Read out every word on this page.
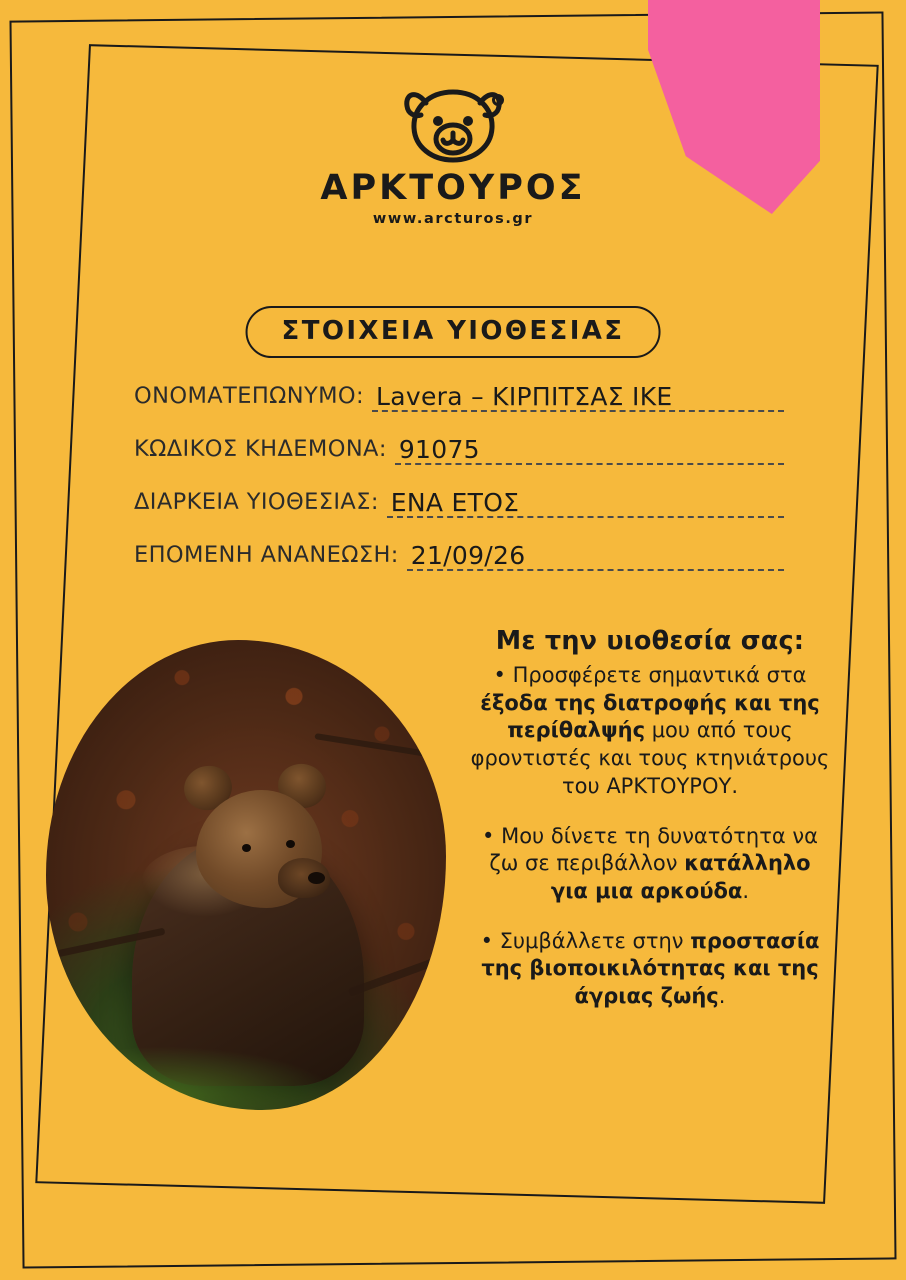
ΑΡΚΤΟΥΡΟΣ
www.arcturos.gr
ΣΤΟΙΧΕΙΑ ΥΙΟΘΕΣΙΑΣ
ΟΝΟΜΑΤΕΠΩΝΥΜΟ: Lavera – ΚΙΡΠΙΤΣΑΣ ΙΚΕ
ΚΩΔΙΚΟΣ ΚΗΔΕΜΟΝΑ: 91075
ΔΙΑΡΚΕΙΑ ΥΙΟΘΕΣΙΑΣ: ΕΝΑ ΕΤΟΣ
ΕΠΟΜΕΝΗ ΑΝΑΝΕΩΣΗ: 21/09/26
Με την υιοθεσία σας:
• Προσφέρετε σημαντικά στα έξοδα της διατροφής και της περίθαλψής μου από τους φροντιστές και τους κτηνιάτρους του ΑΡΚΤΟΥΡΟΥ.
• Μου δίνετε τη δυνατότητα να ζω σε περιβάλλον κατάλληλο για μια αρκούδα.
• Συμβάλλετε στην προστασία της βιοποικιλότητας και της άγριας ζωής.
